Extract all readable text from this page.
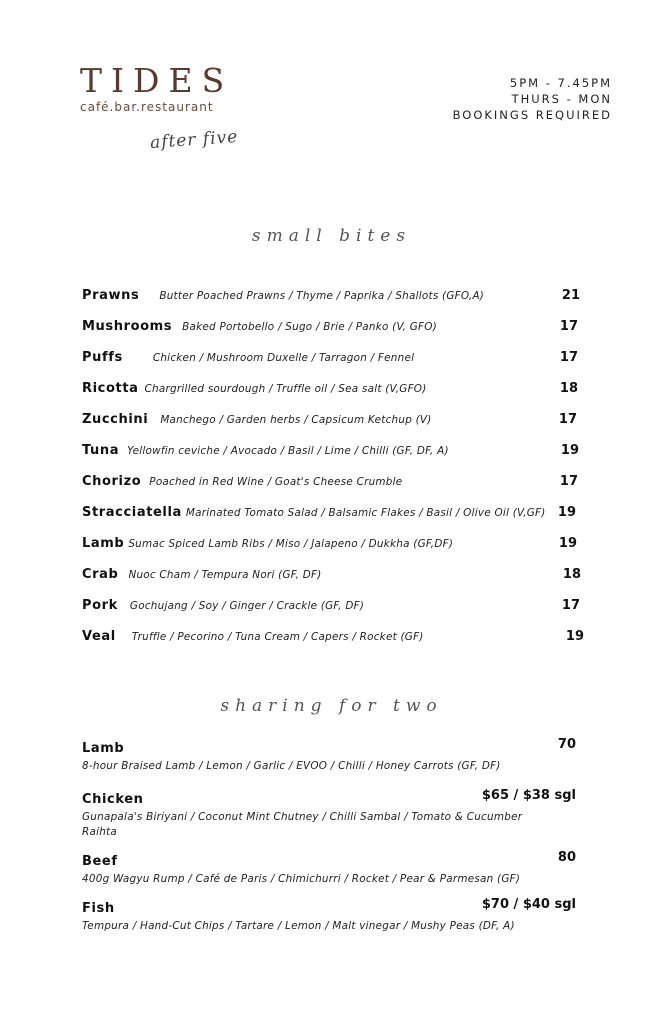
TIDES
café.bar.restaurant
after five
5PM - 7.45PM
THURS - MON
BOOKINGS REQUIRED
small bites
Prawns Butter Poached Prawns / Thyme / Paprika / Shallots (GFO,A)	21
Mushrooms Baked Portobello / Sugo / Brie / Panko (V, GFO)	17
Puffs	Chicken / Mushroom Duxelle / Tarragon / Fennel	17
Ricotta Chargrilled sourdough / Truffle oil / Sea salt (V,GFO)	18
Zucchini Manchego / Garden herbs / Capsicum Ketchup (V)	17
Tuna Yellowfin ceviche / Avocado / Basil / Lime / Chilli (GF, DF, A)	19
Chorizo Poached in Red Wine / Goat's Cheese Crumble	17
Stracciatella Marinated Tomato Salad / Balsamic Flakes / Basil / Olive Oil (V,GF) 19
Lamb Sumac Spiced Lamb Ribs / Miso / Jalapeno / Dukkha (GF,DF)	19
Crab Nuoc Cham / Tempura Nori (GF, DF)	18
Pork Gochujang / Soy / Ginger / Crackle (GF, DF)	17
Veal Truffle / Pecorino / Tuna Cream / Capers / Rocket (GF)	19
sharing for two
Lamb	70
8-hour Braised Lamb / Lemon / Garlic / EVOO / Chilli / Honey Carrots (GF, DF)
Chicken	$65 / $38 sgl
Gunapala's Biriyani / Coconut Mint Chutney / Chilli Sambal / Tomato & Cucumber Raihta
Beef	80
400g Wagyu Rump / Café de Paris / Chimichurri / Rocket / Pear & Parmesan (GF)
Fish	$70 / $40 sgl
Tempura / Hand-Cut Chips / Tartare / Lemon / Malt vinegar / Mushy Peas (DF, A)
